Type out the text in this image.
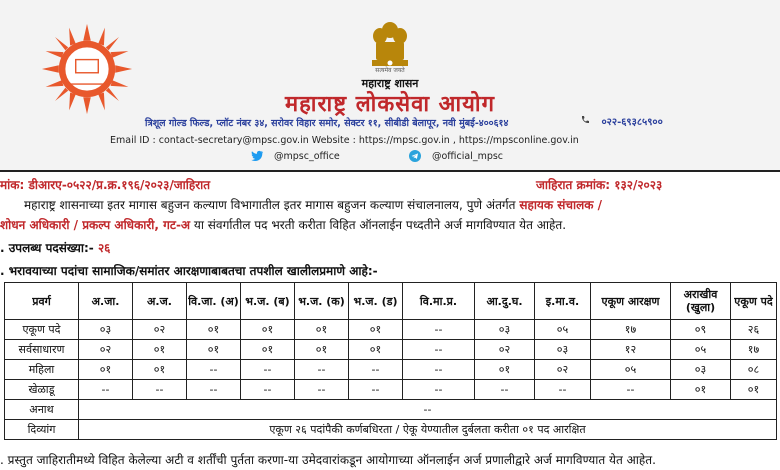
सत्यमेव जयते
महाराष्ट्र शासन
महाराष्ट्र लोकसेवा आयोग
त्रिशूल गोल्ड फिल्ड, प्लॉट नंबर ३४, सरोवर विहार समोर, सेक्टर ११, सीबीडी बेलापूर, नवी मुंबई-४००६१४	०२२-६९३८५९००
Email ID : contact-secretary@mpsc.gov.in Website : https://mpsc.gov.in , https://mpsconline.gov.in
@mpsc_office	@official_mpsc
मांक: डीआरए-०५२२/प्र.क्र.१९६/२०२३/जाहिरात	जाहिरात क्रमांक: १३२/२०२३
महाराष्ट्र शासनाच्या इतर मागास बहुजन कल्याण विभागातील इतर मागास बहुजन कल्याण संचालनालय, पुणे अंतर्गत सहायक संचालक /
शोधन अधिकारी / प्रकल्प अधिकारी, गट-अ या संवर्गातील पद भरती करीता विहित ऑनलाईन पध्दतीने अर्ज मागविण्यात येत आहेत.
. उपलब्ध पदसंख्या:- २६
. भरावयाच्या पदांचा सामाजिक/समांतर आरक्षणाबाबतचा तपशील खालीलप्रमाणे आहे:-
प्रवर्ग	अ.जा.	अ.ज.	वि.जा. (अ)	भ.ज. (ब)	भ.ज. (क)	भ.ज. (ड)	वि.मा.प्र.	आ.दु.घ.	इ.मा.व.	एकूण आरक्षण	अराखीव (खुला)	एकूण पदे
एकूण पदे	०३	०२	०१	०१	०१	०१	--	०३	०५	१७	०९	२६
सर्वसाधारण	०२	०१	०१	०१	०१	०१	--	०२	०३	१२	०५	१७
महिला	०१	०१	--	--	--	--	--	०१	०२	०५	०३	०८
खेळाडू	--	--	--	--	--	--	--	--	--	--	०१	०१
अनाथ	--											
दिव्यांग	एकूण २६ पदांपैकी कर्णबधिरता / ऐकू येण्यातील दुर्बलता करीता ०१ पद आरक्षित											
. प्रस्तुत जाहिरातीमध्ये विहित केलेल्या अटी व शर्तींची पुर्तता करणा-या उमेदवारांकडून आयोगाच्या ऑनलाईन अर्ज प्रणालीद्वारे अर्ज मागविण्यात येत आहेत.
